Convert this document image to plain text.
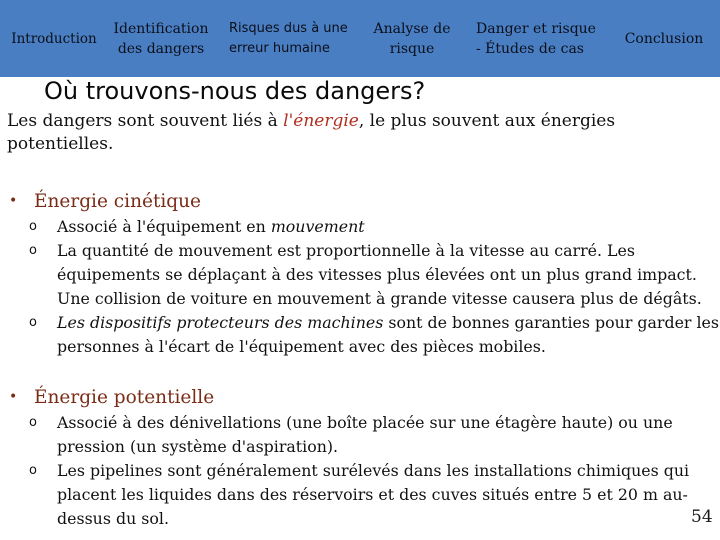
Introduction
Identification
des dangers
Risques dus à une
erreur humaine
Analyse de
risque
Danger et risque
- Études de cas
Conclusion
Où trouvons-nous des dangers?

Les dangers sont souvent liés à l'énergie, le plus souvent aux énergies potentielles.

• Énergie cinétique
o Associé à l'équipement en mouvement
o La quantité de mouvement est proportionnelle à la vitesse au carré. Les équipements se déplaçant à des vitesses plus élevées ont un plus grand impact. Une collision de voiture en mouvement à grande vitesse causera plus de dégâts.
o Les dispositifs protecteurs des machines sont de bonnes garanties pour garder les personnes à l'écart de l'équipement avec des pièces mobiles.
• Énergie potentielle
o Associé à des dénivellations (une boîte placée sur une étagère haute) ou une pression (un système d'aspiration).
o Les pipelines sont généralement surélevés dans les installations chimiques qui placent les liquides dans des réservoirs et des cuves situés entre 5 et 20 m au-dessus du sol.	54
